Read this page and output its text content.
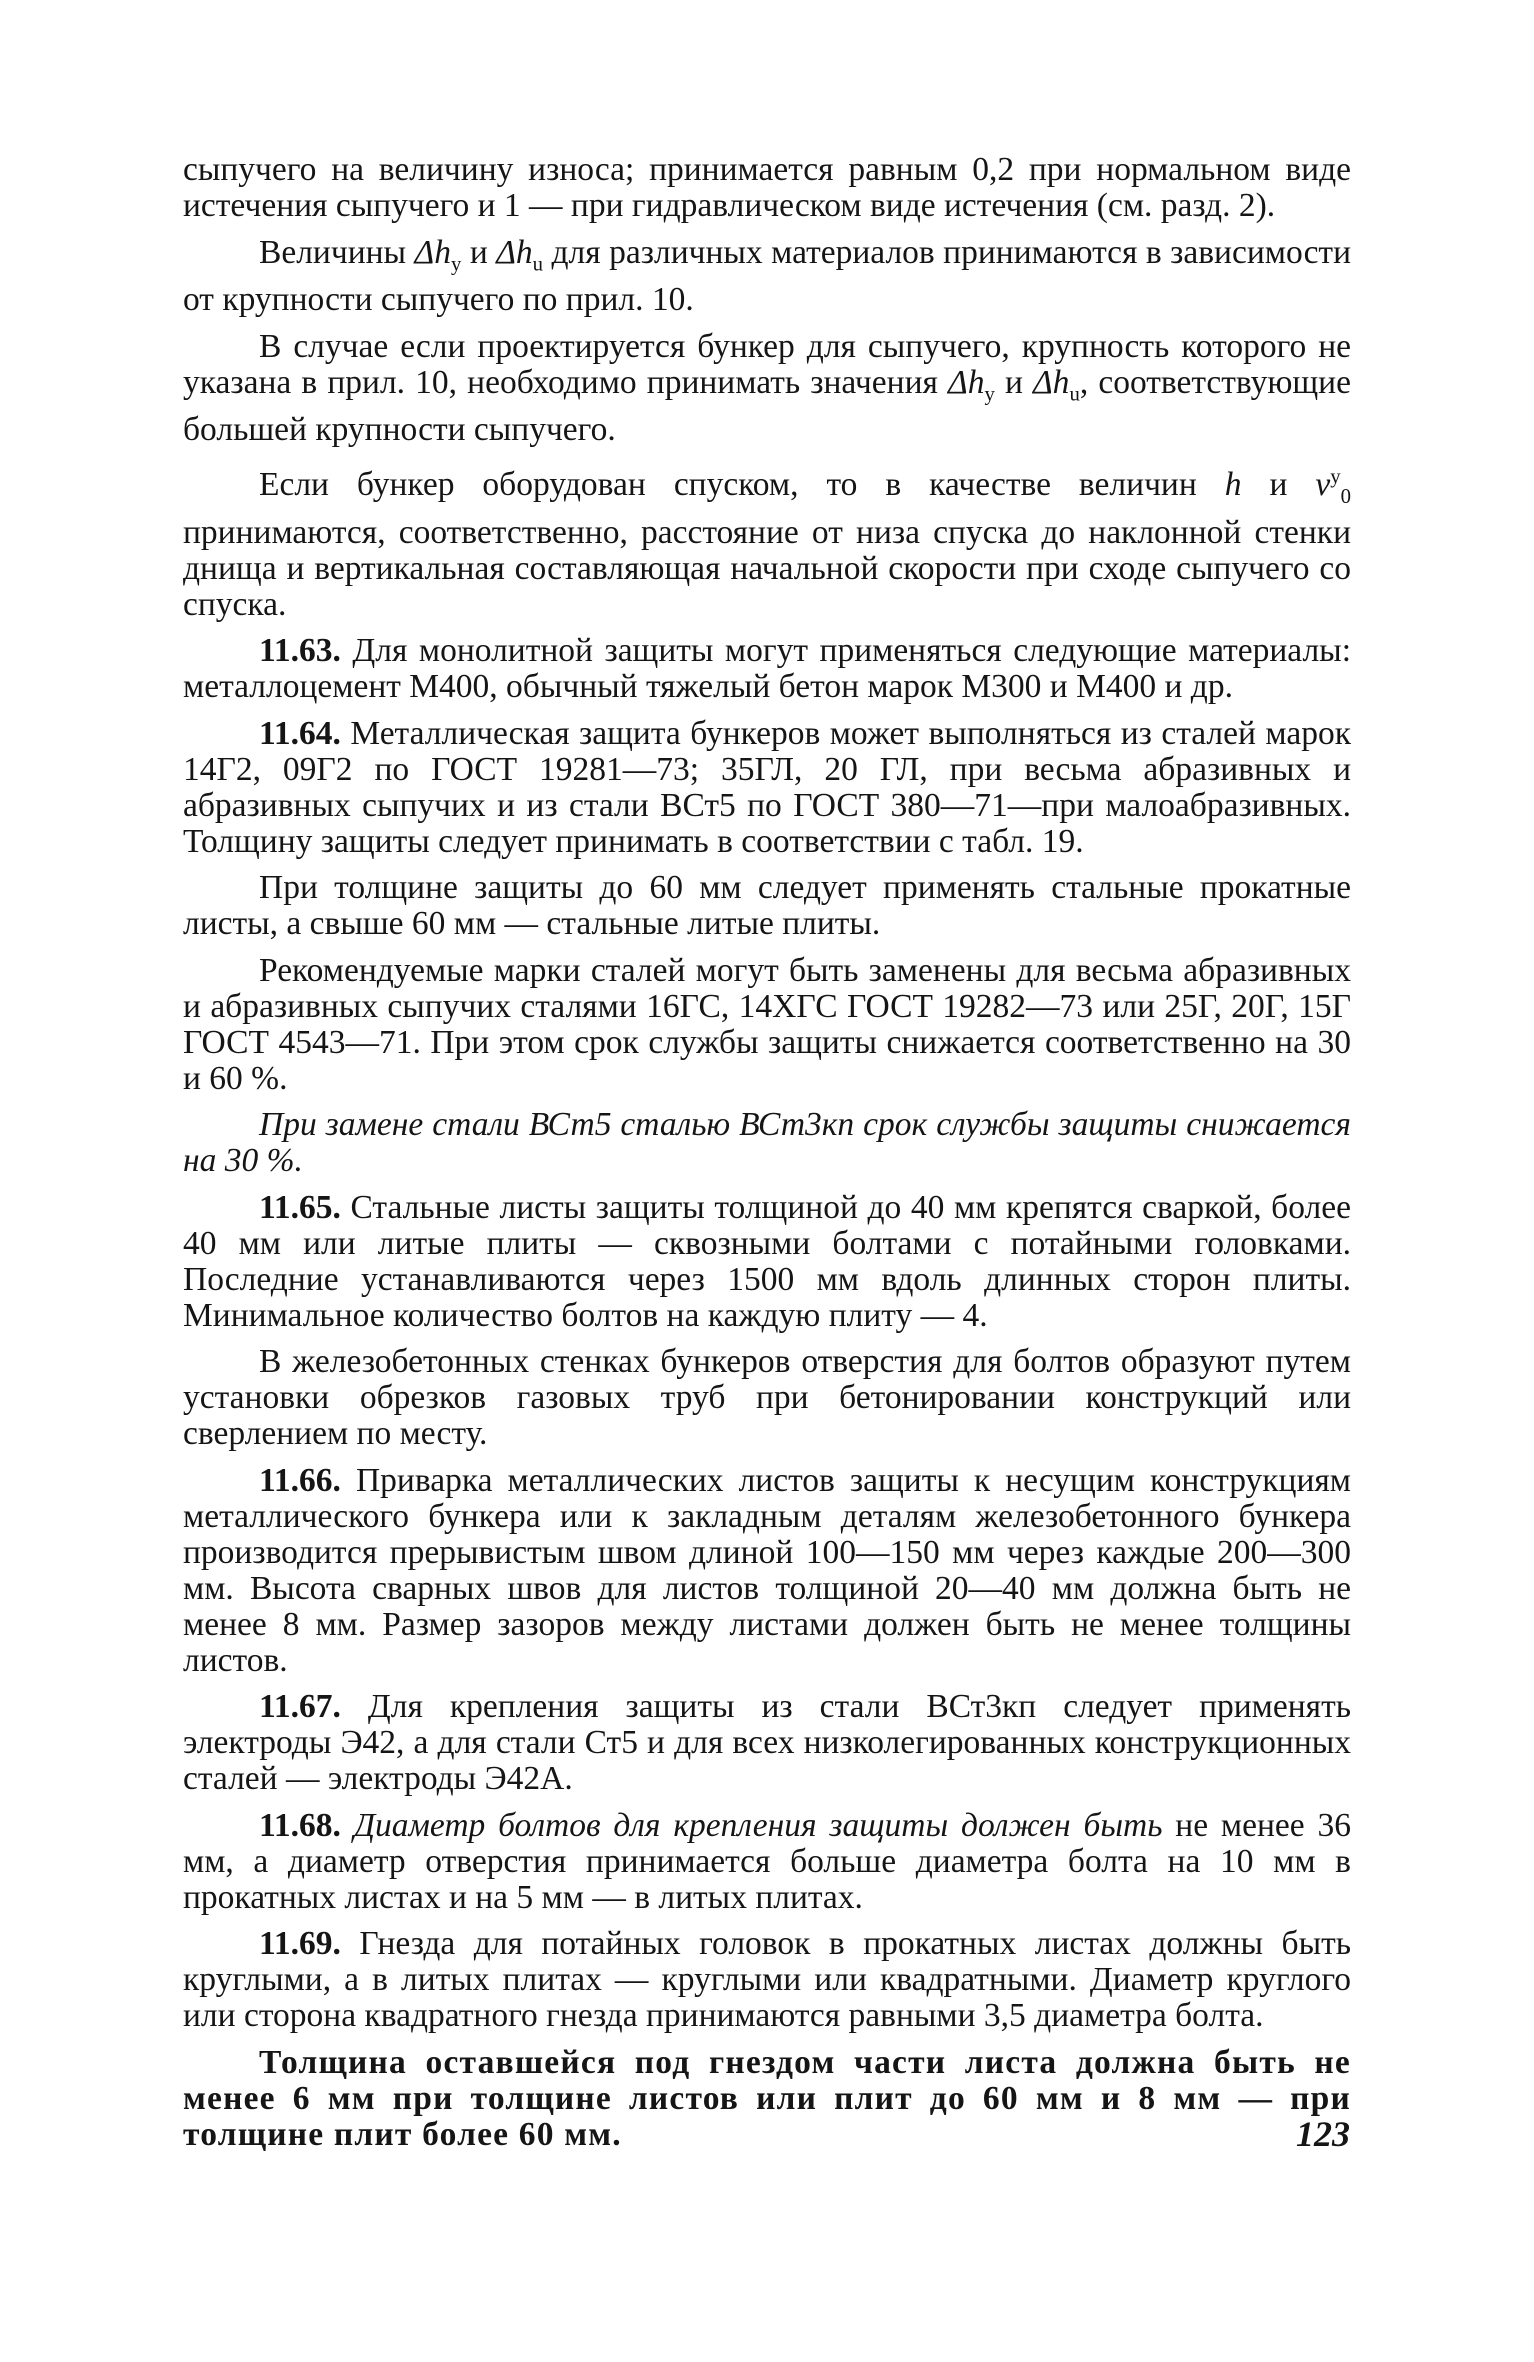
сыпучего на величину износа; принимается равным 0,2 при нормальном виде истечения сыпучего и 1 — при гидравлическом виде истечения (см. разд. 2).

Величины $\Delta h_y$ и $\Delta h_u$ для различных материалов принимаются в зависимости от крупности сыпучего по прил. 10.

В случае если проектируется бункер для сыпучего, крупность которого не указана в прил. 10, необходимо принимать значения $\Delta h_y$ и $\Delta h_u$, соответствующие большей крупности сыпучего.

Если бункер оборудован спуском, то в качестве величин h и $v^y_0$ принимаются, соответственно, расстояние от низа спуска до наклонной стенки днища и вертикальная составляющая начальной скорости при сходе сыпучего со спуска.

11.63. Для монолитной защиты могут применяться следующие материалы: металлоцемент М400, обычный тяжелый бетон марок М300 и М400 и др.

11.64. Металлическая защита бункеров может выполняться из сталей марок 14Г2, 09Г2 по ГОСТ 19281—73; 35ГЛ, 20 ГЛ, при весьма абразивных и абразивных сыпучих и из стали ВСт5 по ГОСТ 380—71—при малоабразивных. Толщину защиты следует принимать в соответствии с табл. 19.

При толщине защиты до 60 мм следует применять стальные прокатные листы, а свыше 60 мм — стальные литые плиты.

Рекомендуемые марки сталей могут быть заменены для весьма абразивных и абразивных сыпучих сталями 16ГС, 14ХГС ГОСТ 19282—73 или 25Г, 20Г, 15Г ГОСТ 4543—71. При этом срок службы защиты снижается соответственно на 30 и 60 %.

При замене стали ВСт5 сталью ВСт3кп срок службы защиты снижается на 30 %.

11.65. Стальные листы защиты толщиной до 40 мм крепятся сваркой, более 40 мм или литые плиты — сквозными болтами с потайными головками. Последние устанавливаются через 1500 мм вдоль длинных сторон плиты. Минимальное количество болтов на каждую плиту — 4.

В железобетонных стенках бункеров отверстия для болтов образуют путем установки обрезков газовых труб при бетонировании конструкций или сверлением по месту.

11.66. Приварка металлических листов защиты к несущим конструкциям металлического бункера или к закладным деталям железобетонного бункера производится прерывистым швом длиной 100—150 мм через каждые 200—300 мм. Высота сварных швов для листов толщиной 20—40 мм должна быть не менее 8 мм. Размер зазоров между листами должен быть не менее толщины листов.

11.67. Для крепления защиты из стали ВСт3кп следует применять электроды Э42, а для стали Ст5 и для всех низколегированных конструкционных сталей — электроды Э42А.

11.68. Диаметр болтов для крепления защиты должен быть не менее 36 мм, а диаметр отверстия принимается больше диаметра болта на 10 мм в прокатных листах и на 5 мм — в литых плитах.

11.69. Гнезда для потайных головок в прокатных листах должны быть круглыми, а в литых плитах — круглыми или квадратными. Диаметр круглого или сторона квадратного гнезда принимаются равными 3,5 диаметра болта.

Толщина оставшейся под гнездом части листа должна быть не менее 6 мм при толщине листов или плит до 60 мм и 8 мм — при толщине плит более 60 мм.	123
